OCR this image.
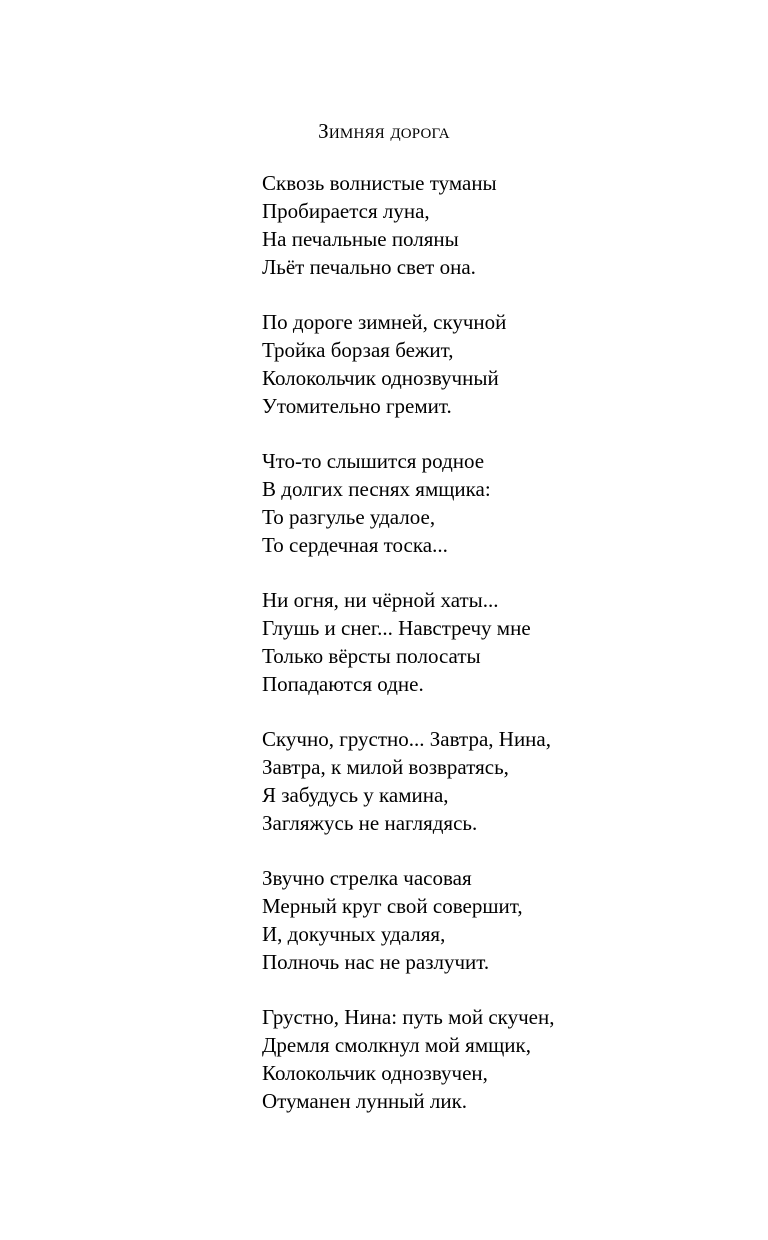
Зимняя дорога
Сквозь волнистые туманы
Пробирается луна,
На печальные поляны
Льёт печально свет она.
По дороге зимней, скучной
Тройка борзая бежит,
Колокольчик однозвучный
Утомительно гремит.
Что-то слышится родное
В долгих песнях ямщика:
То разгулье удалое,
То сердечная тоска...
Ни огня, ни чёрной хаты...
Глушь и снег... Навстречу мне
Только вёрсты полосаты
Попадаются одне.
Скучно, грустно... Завтра, Нина,
Завтра, к милой возвратясь,
Я забудусь у камина,
Загляжусь не наглядясь.
Звучно стрелка часовая
Мерный круг свой совершит,
И, докучных удаляя,
Полночь нас не разлучит.
Грустно, Нина: путь мой скучен,
Дремля смолкнул мой ямщик,
Колокольчик однозвучен,
Отуманен лунный лик.
